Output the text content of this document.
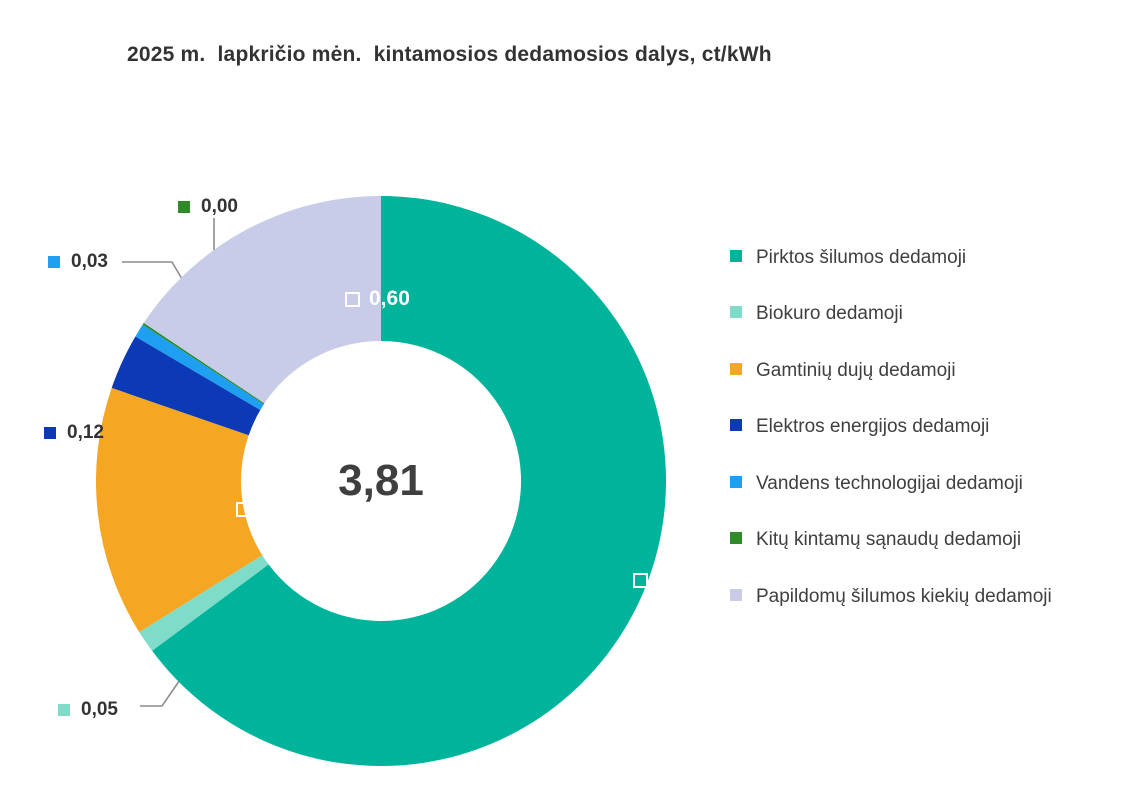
2025 m.  lapkričio mėn.  kintamosios dedamosios dalys, ct/kWh
3,81
2,47
0,60
0,54
0,00
0,03
0,12
0,05
Pirktos šilumos dedamoji
Biokuro dedamoji
Gamtinių dujų dedamoji
Elektros energijos dedamoji
Vandens technologijai dedamoji
Kitų kintamų sąnaudų dedamoji
Papildomų šilumos kiekių dedamoji
